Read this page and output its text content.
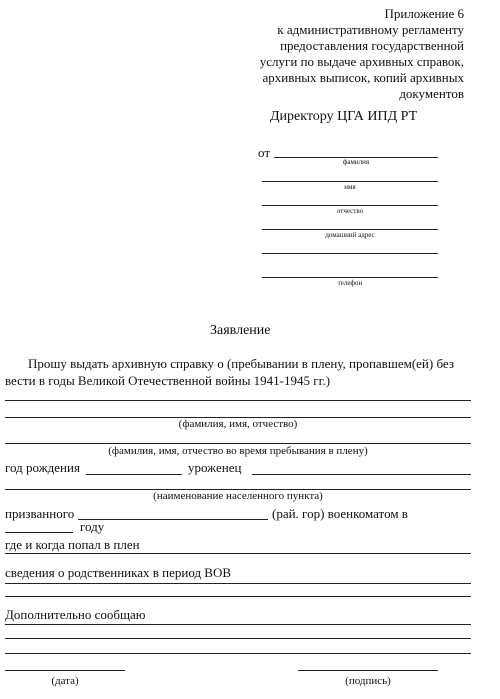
Приложение 6
к административному регламенту
предоставления государственной
услуги по выдаче архивных справок,
архивных выписок, копий архивных
документов
Директору ЦГА ИПД РТ
от
фамилия
имя
отчество
домашний адрес
телефон
Заявление
Прошу выдать архивную справку о (пребывании в плену, пропавшем(ей) без
вести в годы Великой Отечественной войны 1941-1945 гг.)
(фамилия, имя, отчество)
(фамилия, имя, отчество во время пребывания в плену)
год рождения	уроженец
(наименование населенного пункта)
призванного	(рай. гор) военкоматом в
году
где и когда попал в плен
сведения о родственниках в период ВОВ
Дополнительно сообщаю
(дата)	(подпись)
